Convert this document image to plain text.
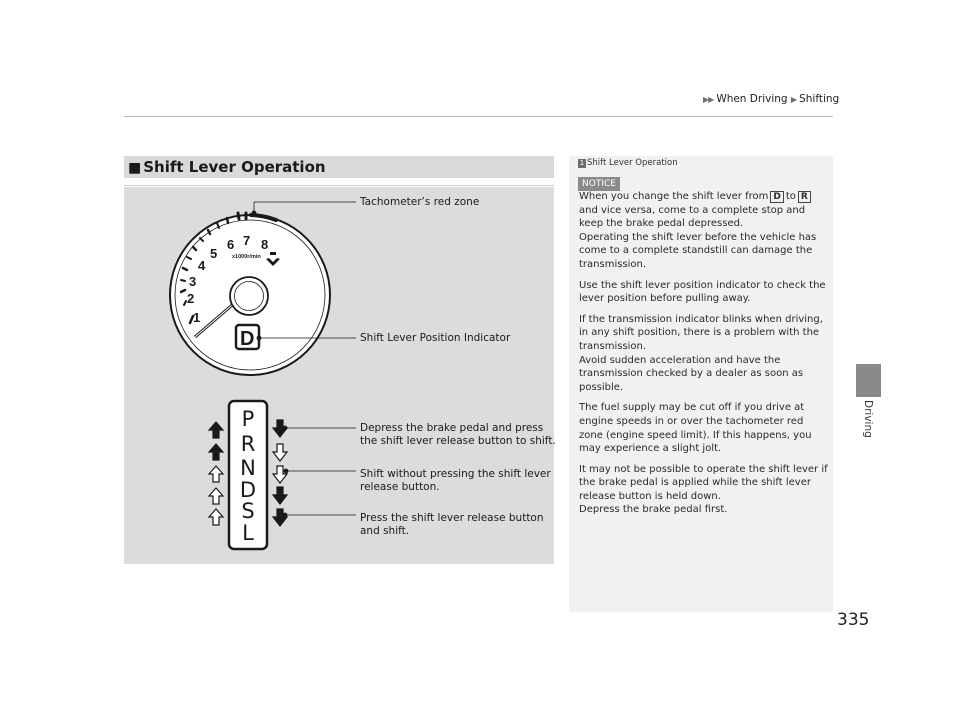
▶▶ When Driving ▶ Shifting
Driving
■ Shift Lever Operation
1
2
3
4
5
6 7 8
x1000r/min
D
P
R
N
D
S
L
Tachometer’s red zone
Shift Lever Position Indicator
Depress the brake pedal and press
the shift lever release button to shift.
Shift without pressing the shift lever
release button.
Press the shift lever release button
and shift.
1 Shift Lever Operation
NOTICE

When you change the shift lever from D to Rand vice versa, come to a complete stop and keep the brake pedal depressed.

Operating the shift lever before the vehicle has come to a complete standstill can damage the transmission.

Use the shift lever position indicator to check the lever position before pulling away.

If the transmission indicator blinks when driving, in any shift position, there is a problem with the transmission.

Avoid sudden acceleration and have the transmission checked by a dealer as soon as possible.

The fuel supply may be cut off if you drive at engine speeds in or over the tachometer red zone (engine speed limit). If this happens, you may experience a slight jolt.

It may not be possible to operate the shift lever if the brake pedal is applied while the shift lever release button is held down.

Depress the brake pedal first.

335
